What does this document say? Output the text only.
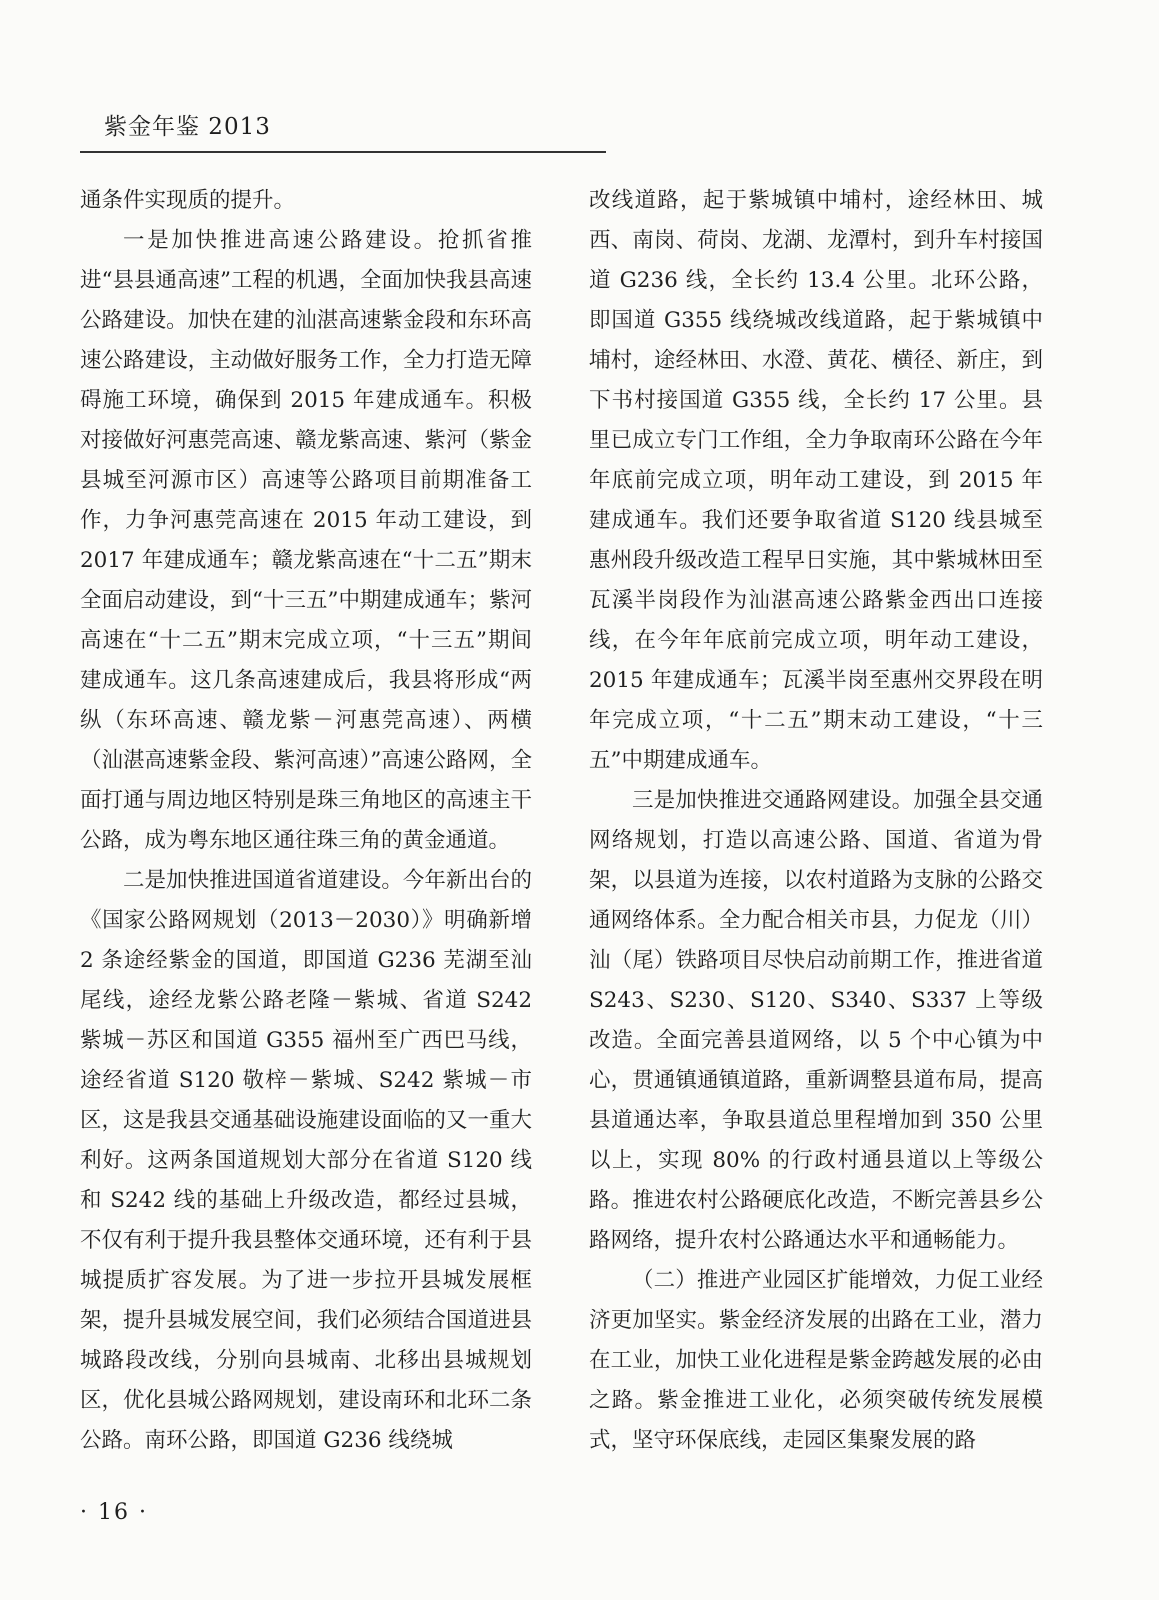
紫金年鉴 2013

通条件实现质的提升。

一是加快推进高速公路建设。抢抓省推进“县县通高速”工程的机遇，全面加快我县高速公路建设。加快在建的汕湛高速紫金段和东环高速公路建设，主动做好服务工作，全力打造无障碍施工环境，确保到 2015 年建成通车。积极对接做好河惠莞高速、赣龙紫高速、紫河（紫金县城至河源市区）高速等公路项目前期准备工作，力争河惠莞高速在 2015 年动工建设，到 2017 年建成通车；赣龙紫高速在“十二五”期末全面启动建设，到“十三五”中期建成通车；紫河高速在“十二五”期末完成立项，“十三五”期间建成通车。这几条高速建成后，我县将形成“两纵（东环高速、赣龙紫－河惠莞高速）、两横（汕湛高速紫金段、紫河高速）”高速公路网，全面打通与周边地区特别是珠三角地区的高速主干公路，成为粤东地区通往珠三角的黄金通道。

二是加快推进国道省道建设。今年新出台的《国家公路网规划（2013－2030）》明确新增 2 条途经紫金的国道，即国道 G236 芜湖至汕尾线，途经龙紫公路老隆－紫城、省道 S242 紫城－苏区和国道 G355 福州至广西巴马线，途经省道 S120 敬梓－紫城、S242 紫城－市区，这是我县交通基础设施建设面临的又一重大利好。这两条国道规划大部分在省道 S120 线和 S242 线的基础上升级改造，都经过县城，不仅有利于提升我县整体交通环境，还有利于县城提质扩容发展。为了进一步拉开县城发展框架，提升县城发展空间，我们必须结合国道进县城路段改线，分别向县城南、北移出县城规划区，优化县城公路网规划，建设南环和北环二条公路。南环公路，即国道 G236 线绕城

改线道路，起于紫城镇中埔村，途经林田、城西、南岗、荷岗、龙湖、龙潭村，到升车村接国道 G236 线，全长约 13.4 公里。北环公路，即国道 G355 线绕城改线道路，起于紫城镇中埔村，途经林田、水澄、黄花、横径、新庄，到下书村接国道 G355 线，全长约 17 公里。县里已成立专门工作组，全力争取南环公路在今年年底前完成立项，明年动工建设，到 2015 年建成通车。我们还要争取省道 S120 线县城至惠州段升级改造工程早日实施，其中紫城林田至瓦溪半岗段作为汕湛高速公路紫金西出口连接线，在今年年底前完成立项，明年动工建设，2015 年建成通车；瓦溪半岗至惠州交界段在明年完成立项，“十二五”期末动工建设，“十三五”中期建成通车。

三是加快推进交通路网建设。加强全县交通网络规划，打造以高速公路、国道、省道为骨架，以县道为连接，以农村道路为支脉的公路交通网络体系。全力配合相关市县，力促龙（川）汕（尾）铁路项目尽快启动前期工作，推进省道 S243、S230、S120、S340、S337 上等级改造。全面完善县道网络，以 5 个中心镇为中心，贯通镇通镇道路，重新调整县道布局，提高县道通达率，争取县道总里程增加到 350 公里以上，实现 80% 的行政村通县道以上等级公路。推进农村公路硬底化改造，不断完善县乡公路网络，提升农村公路通达水平和通畅能力。

（二）推进产业园区扩能增效，力促工业经济更加坚实。紫金经济发展的出路在工业，潜力在工业，加快工业化进程是紫金跨越发展的必由之路。紫金推进工业化，必须突破传统发展模式，坚守环保底线，走园区集聚发展的路

· 16 ·
